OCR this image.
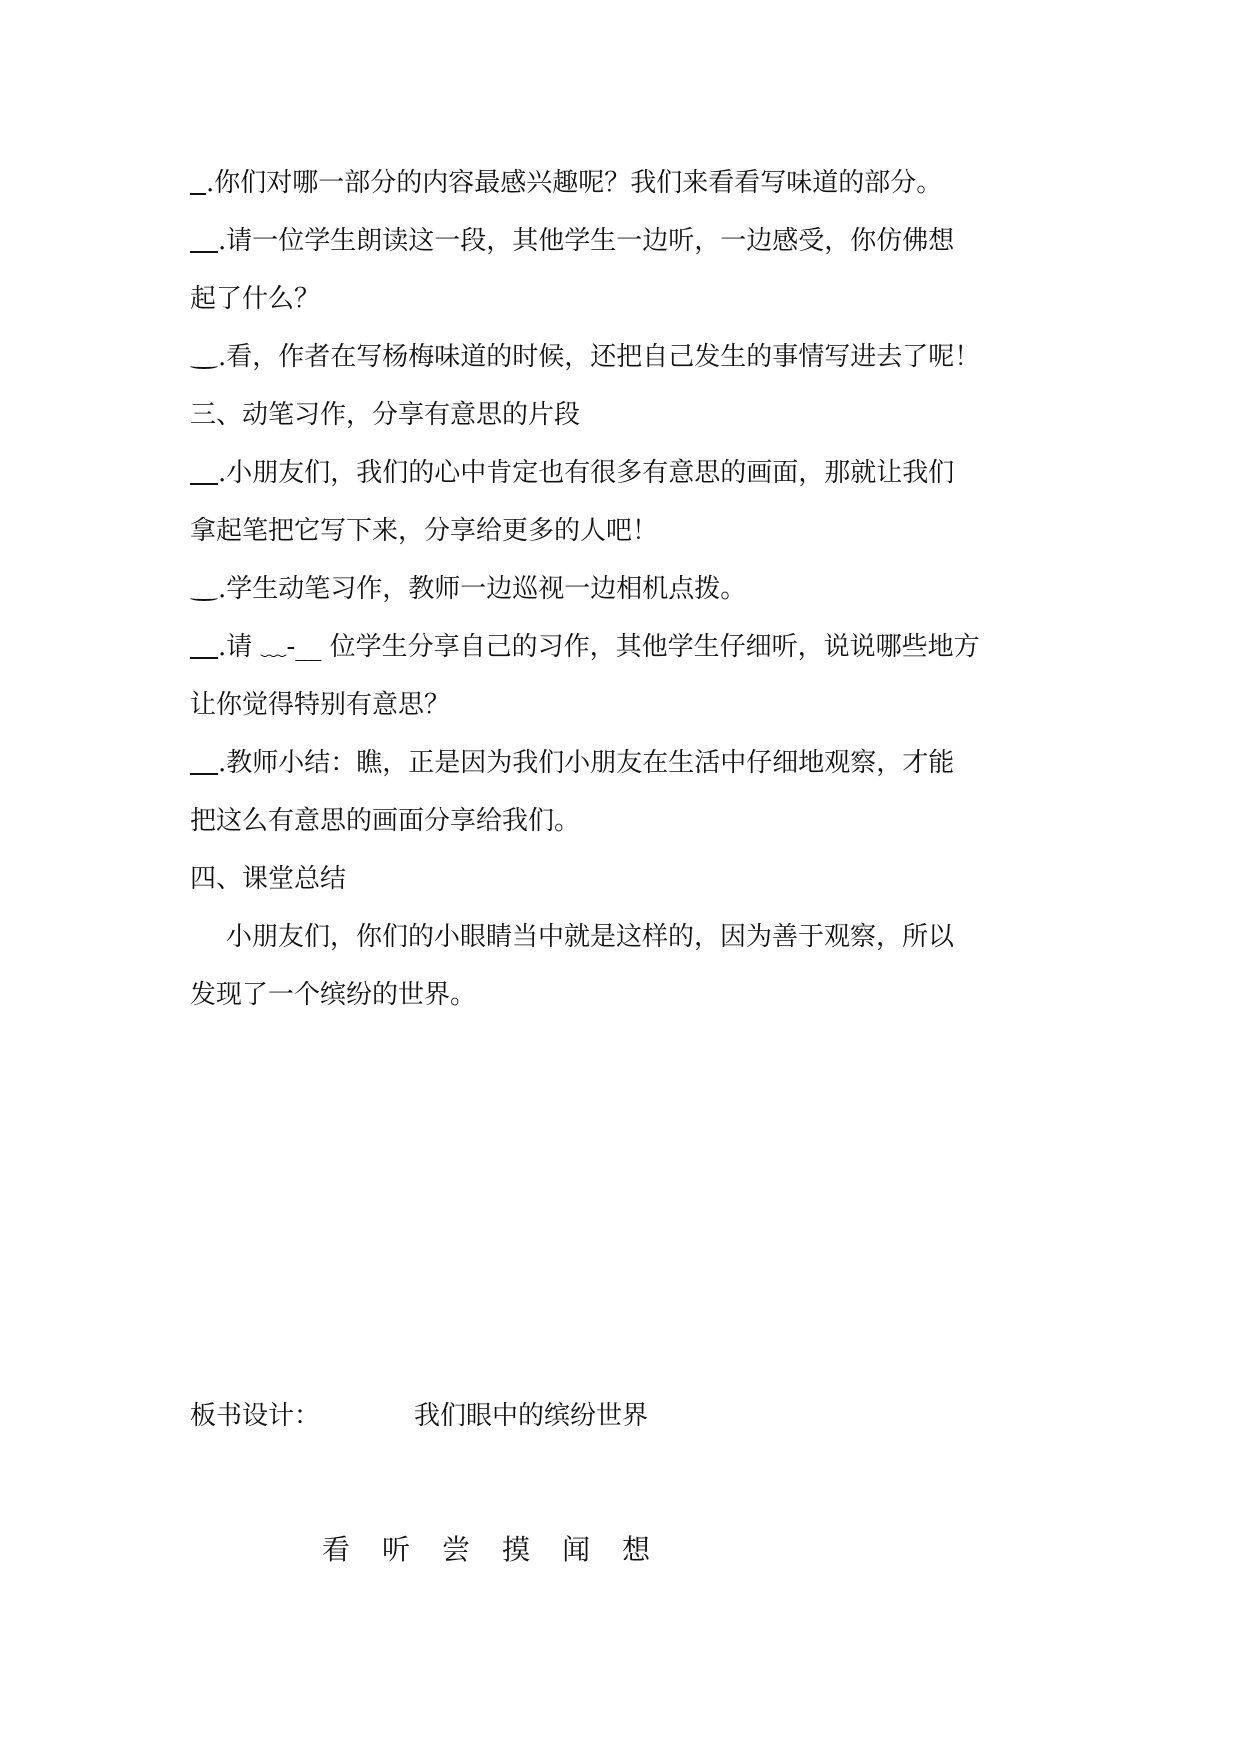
.你们对哪一部分的内容最感兴趣呢？我们来看看写味道的部分。
.请一位学生朗读这一段，其他学生一边听，一边感受，你仿佛想
起了什么？
.看，作者在写杨梅味道的时候，还把自己发生的事情写进去了呢！
三、动笔习作，分享有意思的片段
.小朋友们，我们的心中肯定也有很多有意思的画面，那就让我们
拿起笔把它写下来，分享给更多的人吧！
.学生动笔习作，教师一边巡视一边相机点拨。
.请 ﹏-__ 位学生分享自己的习作，其他学生仔细听，说说哪些地方
让你觉得特别有意思？
.教师小结：瞧，正是因为我们小朋友在生活中仔细地观察，才能
把这么有意思的画面分享给我们。
四、课堂总结
小朋友们，你们的小眼睛当中就是这样的，因为善于观察，所以
发现了一个缤纷的世界。
板书设计：	我们眼中的缤纷世界
看 听 尝 摸 闻 想
